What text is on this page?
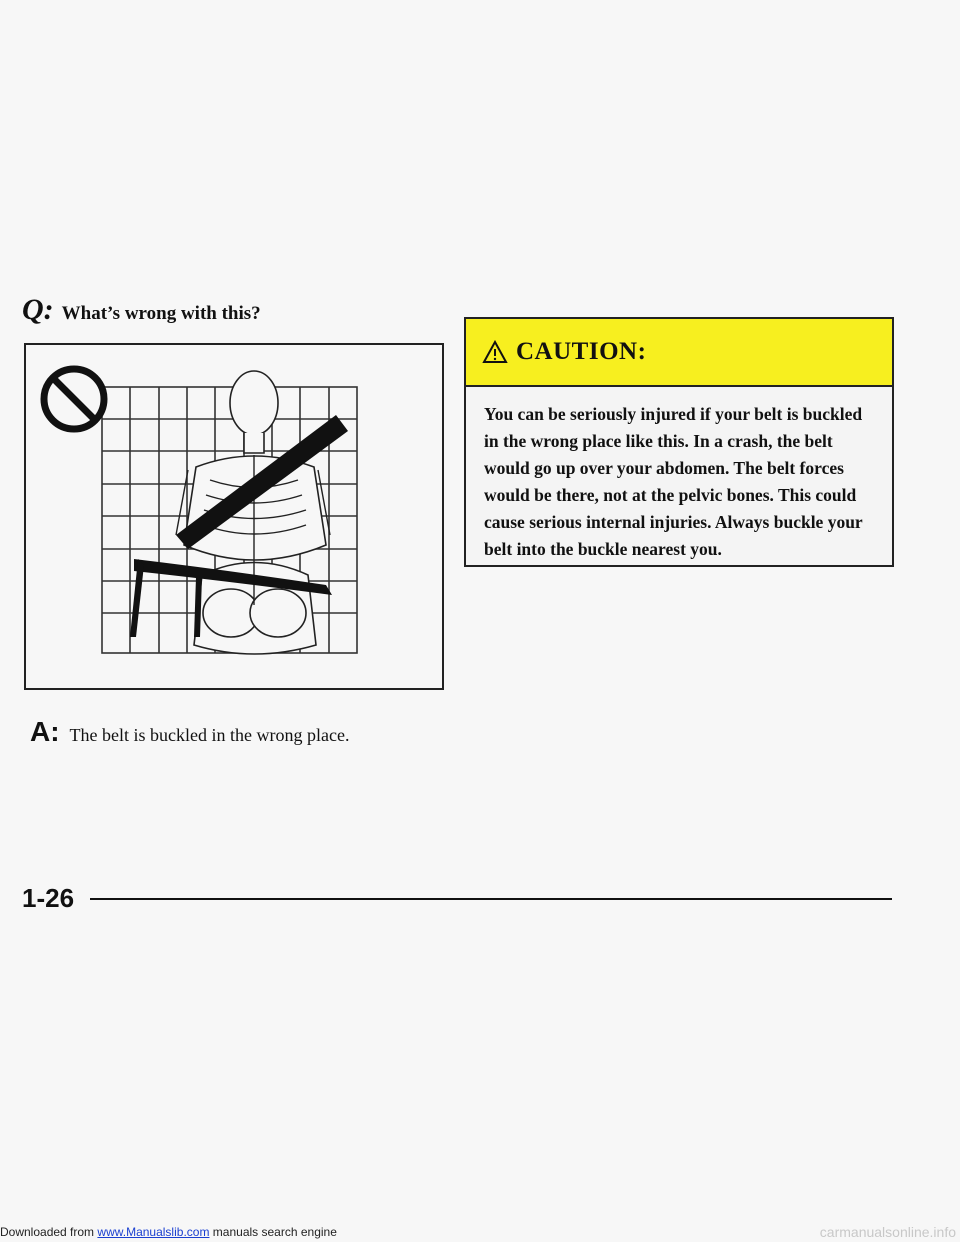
Q: What’s wrong with this?
CAUTION:
You can be seriously injured if your belt is buckled in the wrong place like this. In a crash, the belt would go up over your abdomen. The belt forces would be there, not at the pelvic bones. This could cause serious internal injuries. Always buckle your belt into the buckle nearest you.
A: The belt is buckled in the wrong place.
1-26
Downloaded from www.Manualslib.com manuals search engine	carmanualsonline.info
